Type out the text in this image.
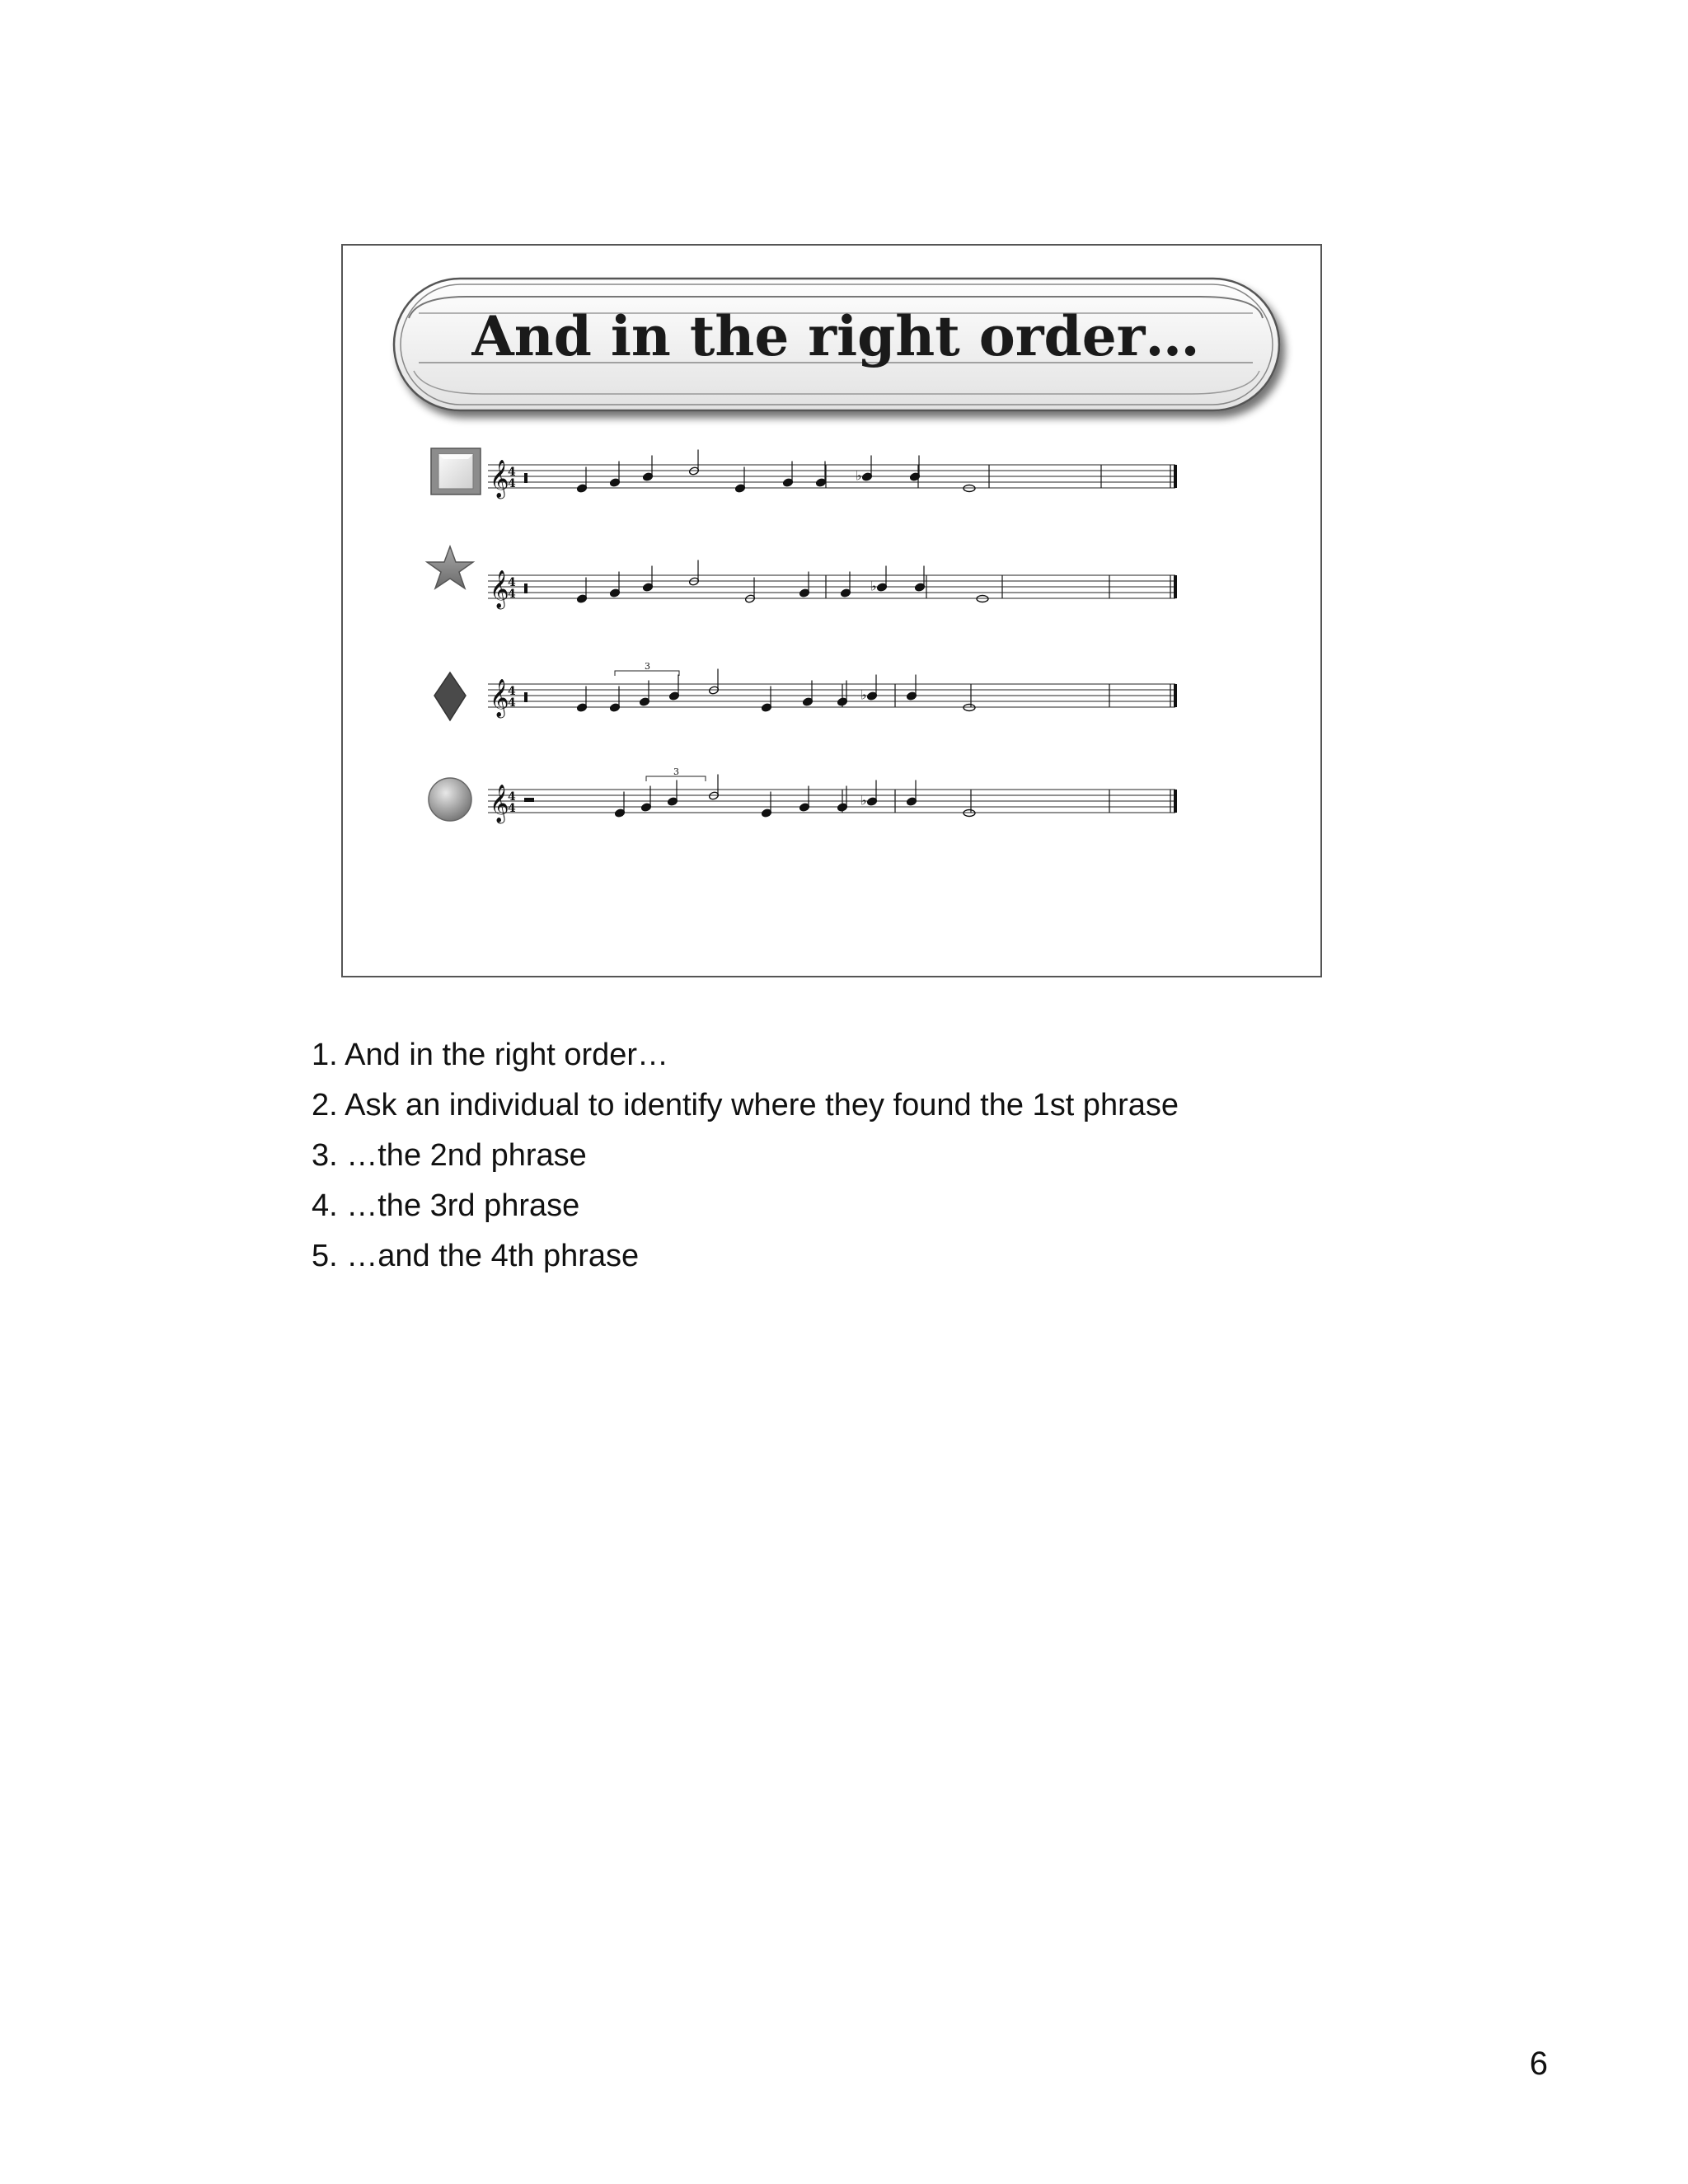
And in the right order…
𝄞
4
4
♭
𝄞
4
4
♭
𝄞
4
4
♭
3
𝄞
4
4
♭
3
1. And in the right order…
2. Ask an individual to identify where they found the 1st phrase
3. …the 2nd phrase
4. …the 3rd phrase
5. …and the 4th phrase
6
